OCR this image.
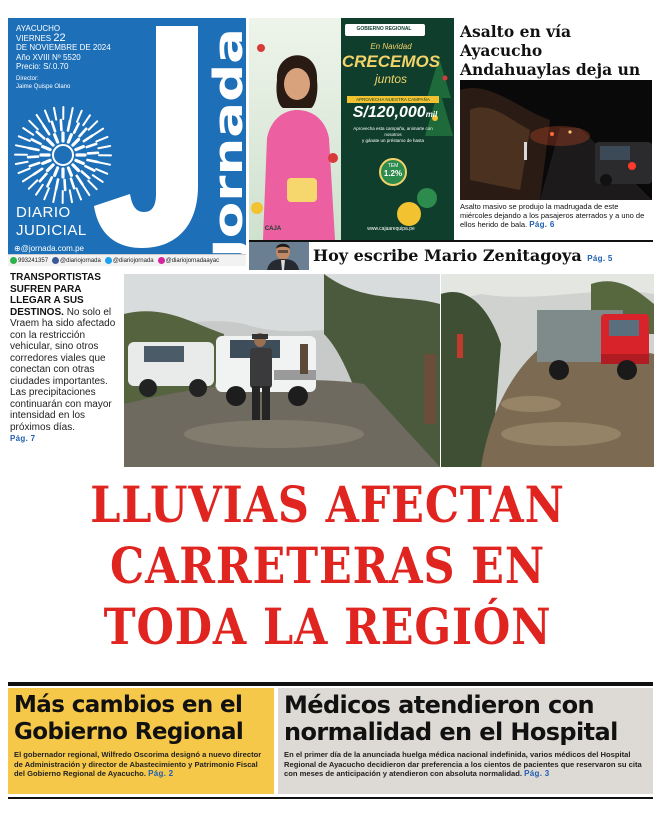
AYACUCHO
VIERNES 22
DE NOVIEMBRE DE 2024
Año XVIII Nº 5520
Precio: S/.0.70
Director:
Jaime Quispe Olano
DIARIO
JUDICIAL
⊕@jornada.com.pe	Jornada
993241357	@diariojornada	@diariojornada	@diariojornadaayac
GOBIERNO REGIONAL
En Navidad
CRECEMOS
juntos
APROVECHA NUESTRA CAMPAÑA
S/120,000mil
Aprovecha esta campaña, animarte con nosotros
y gánate un préstamo de hasta
TEM
1.2%
www.cajaarequipa.pe
CAJA
Asalto en vía Ayacucho Andahuaylas deja un
Asalto masivo se produjo la madrugada de este miércoles dejando a los pasajeros aterrados y a uno de ellos herido de bala. Pág. 6
Hoy escribe Mario Zenitagoya Pág. 5
TRANSPORTISTAS SUFREN PARA LLEGAR A SUS DESTINOS. No solo el Vraem ha sido afectado con la restricción vehicular, sino otros corredores viales que conectan con otras ciudades importantes. Las precipitaciones continuarán con mayor intensidad en los próximos días.
Pág. 7
LLUVIAS AFECTAN
CARRETERAS EN
TODA LA REGIÓN
Más cambios en el Gobierno Regional
El gobernador regional, Wilfredo Oscorima designó a nuevo director de Administración y director de Abastecimiento y Patrimonio Fiscal del Gobierno Regional de Ayacucho. Pág. 2
Médicos atendieron con normalidad en el Hospital
En el primer día de la anunciada huelga médica nacional indefinida, varios médicos del Hospital Regional de Ayacucho decidieron dar preferencia a los cientos de pacientes que reservaron su cita con meses de anticipación y atendieron con absoluta normalidad. Pág. 3
